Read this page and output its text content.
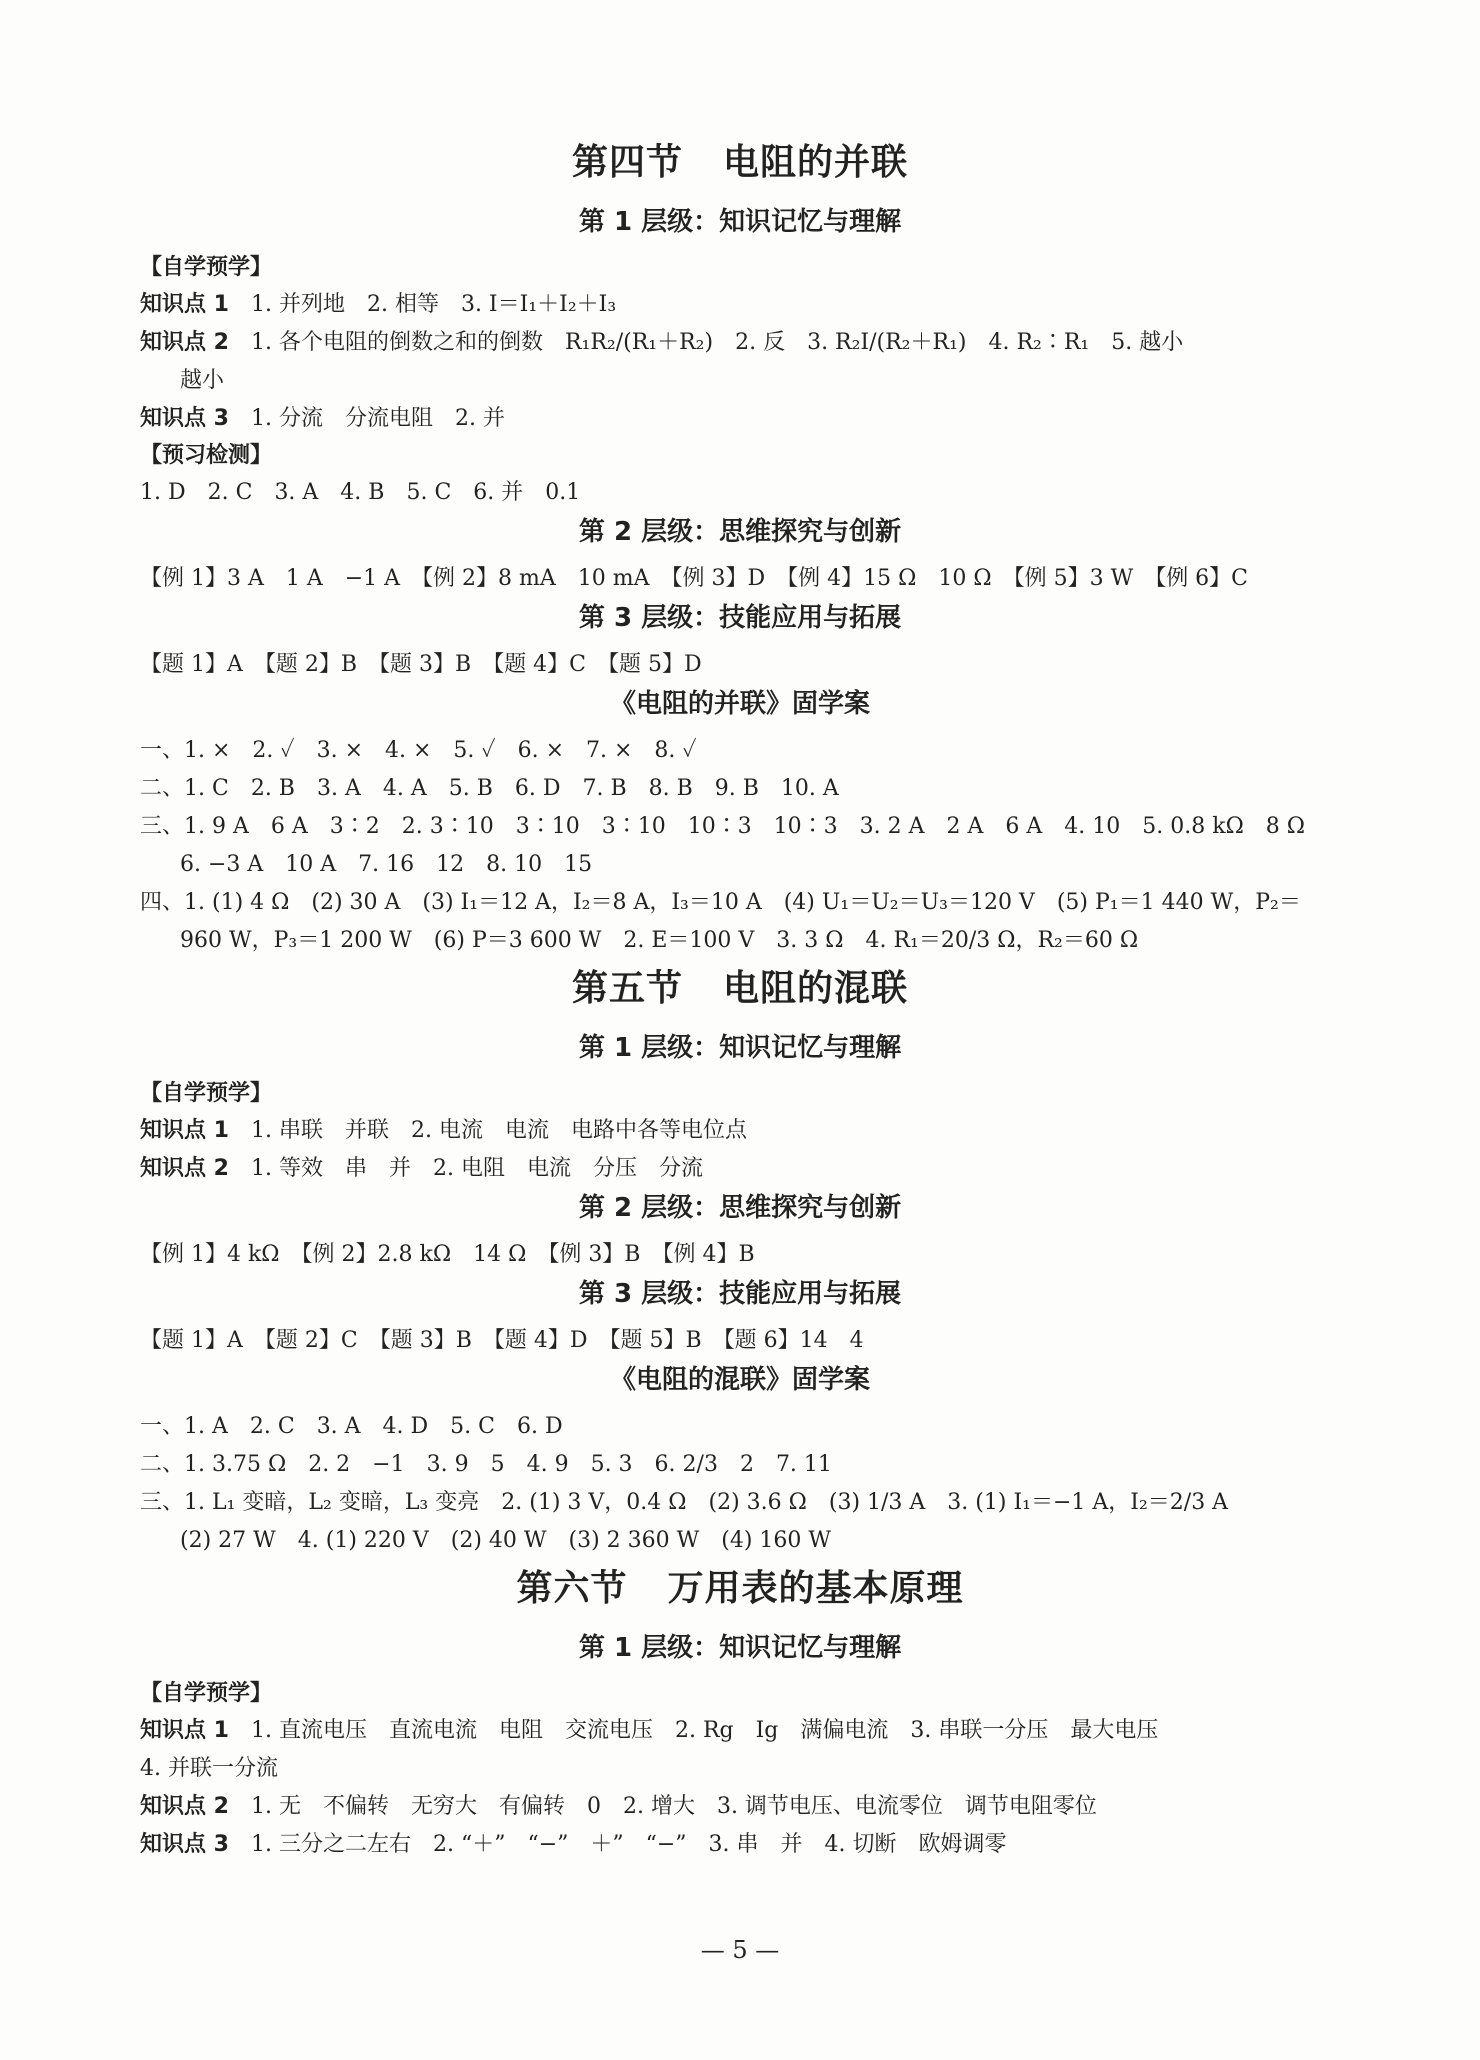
第四节 电阻的并联
第 1 层级：知识记忆与理解
【自学预学】
知识点 1　 1. 并列地　2. 相等　3. I＝I₁＋I₂＋I₃
知识点 2　 1. 各个电阻的倒数之和的倒数　R₁R₂/(R₁＋R₂)　2. 反　3. R₂I/(R₂＋R₁)　4. R₂∶R₁　5. 越小
越小
知识点 3　 1. 分流　分流电阻　2. 并
【预习检测】
1. D　2. C　3. A　4. B　5. C　6. 并　0.1
第 2 层级：思维探究与创新
【例 1】3 A　1 A　−1 A　【例 2】8 mA　10 mA　【例 3】D　【例 4】15 Ω　10 Ω　【例 5】3 W　【例 6】C
第 3 层级：技能应用与拓展
【题 1】A　【题 2】B　【题 3】B　【题 4】C　【题 5】D
《电阻的并联》固学案
一、1. ×　2. ✓　3. ×　4. ×　5. ✓　6. ×　7. ×　8. ✓
二、1. C　2. B　3. A　4. A　5. B　6. D　7. B　8. B　9. B　10. A
三、1. 9 A　6 A　3∶2　2. 3∶10　3∶10　3∶10　10∶3　10∶3　3. 2 A　2 A　6 A　4. 10　5. 0.8 kΩ　8 Ω
6. −3 A　10 A　7. 16　12　8. 10　15
四、1. (1) 4 Ω　(2) 30 A　(3) I₁＝12 A，I₂＝8 A，I₃＝10 A　(4) U₁＝U₂＝U₃＝120 V　(5) P₁＝1 440 W，P₂＝
960 W，P₃＝1 200 W　(6) P＝3 600 W　2. E＝100 V　3. 3 Ω　4. R₁＝20/3 Ω，R₂＝60 Ω
第五节 电阻的混联
第 1 层级：知识记忆与理解
【自学预学】
知识点 1　 1. 串联　并联　2. 电流　电流　电路中各等电位点
知识点 2　 1. 等效　串　并　2. 电阻　电流　分压　分流
第 2 层级：思维探究与创新
【例 1】4 kΩ　【例 2】2.8 kΩ　14 Ω　【例 3】B　【例 4】B
第 3 层级：技能应用与拓展
【题 1】A　【题 2】C　【题 3】B　【题 4】D　【题 5】B　【题 6】14　4
《电阻的混联》固学案
一、1. A　2. C　3. A　4. D　5. C　6. D
二、1. 3.75 Ω　2. 2　−1　3. 9　5　4. 9　5. 3　6. 2/3　2　7. 11
三、1. L₁ 变暗，L₂ 变暗，L₃ 变亮　2. (1) 3 V，0.4 Ω　(2) 3.6 Ω　(3) 1/3 A　3. (1) I₁＝−1 A，I₂＝2/3 A
(2) 27 W　4. (1) 220 V　(2) 40 W　(3) 2 360 W　(4) 160 W
第六节 万用表的基本原理
第 1 层级：知识记忆与理解
【自学预学】
知识点 1　 1. 直流电压　直流电流　电阻　交流电压　2. Rg　Ig　满偏电流　3. 串联一分压　最大电压
4. 并联一分流
知识点 2　 1. 无　不偏转　无穷大　有偏转　0　2. 增大　3. 调节电压、电流零位　调节电阻零位
知识点 3　 1. 三分之二左右　2. “＋”　“−”　＋”　“−”　3. 串　并　4. 切断　欧姆调零
— 5 —
